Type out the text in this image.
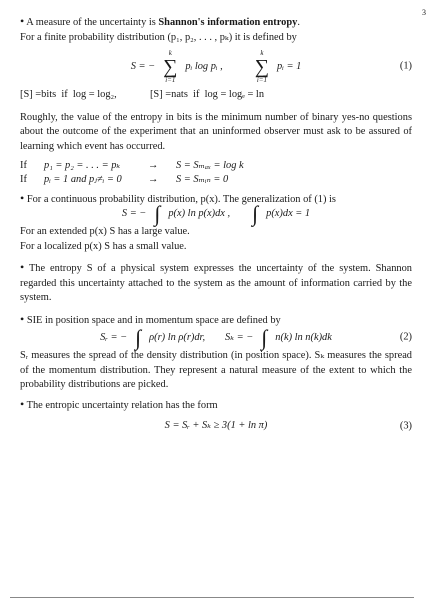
3

• A measure of the uncertainty is Shannon's information entropy.
For a finite probability distribution (p₁, p₂, . . . , pₖ) it is defined by

S = −
k
∑
i=1
pᵢ log pᵢ ,
k
∑
i=1
pᵢ = 1	(1)
[S] =bits  if  log = log₂,	[S] =nats  if  log = logₑ = ln

Roughly, the value of the entropy in bits is the minimum number of binary yes-no questions about the outcome of the experiment that an uninformed observer must ask to be assured of learning which event has occurred.

If	p₁ = p₂ = . . . = pₖ	→	S = Sₘₐₓ = log k
If	pᵢ = 1 and pⱼ≠ᵢ = 0	→	S = Sₘᵢₙ = 0

• For a continuous probability distribution, p(x). The generalization of (1) is

S = − ∫ p(x) ln p(x)dx , ∫ p(x)dx = 1
For an extended p(x) S has a large value.
For a localized p(x) S has a small value.

• The entropy S of a physical system expresses the uncertainty of the system. Shannon regarded this uncertainty attached to the system as the amount of information carried by the system.

• SIE in position space and in momentum space are defined by

Sᵣ = − ∫ ρ(r) ln ρ(r)dr, Sₖ = − ∫ n(k) ln n(k)dk	(2)

Sᵣ measures the spread of the density distribution (in position space). Sₖ measures the spread of the momentum distribution. They represent a natural measure of the extent to which the probability distributions are picked.

• The entropic uncertainty relation has the form

S = Sᵣ + Sₖ ≥ 3(1 + ln π)	(3)
